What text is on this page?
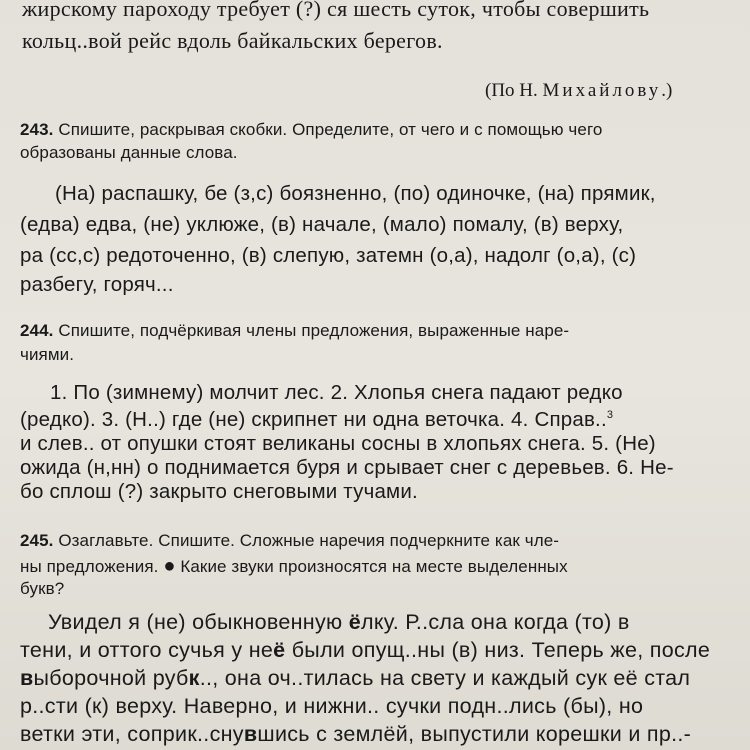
жирскому пароходу требует (?) ся шесть суток, чтобы совершить
кольц..вой рейс вдоль байкальских берегов.
(По Н. Михайлову.)
243. Спишите, раскрывая скобки. Определите, от чего и с помощью чего
образованы данные слова.
(На) распашку, бе (з,с) боязненно, (по) одиночке, (на) прямик,
(едва) едва, (не) уклюже, (в) начале, (мало) помалу, (в) верху,
ра (сс,с) редоточенно, (в) слепую, затемн (о,а), надолг (о,а), (с)
разбегу, горяч...
244. Спишите, подчёркивая члены предложения, выраженные наре-
чиями.
1. По (зимнему) молчит лес. 2. Хлопья снега падают редко
(редко). 3. (Н..) где (не) скрипнет ни одна веточка. 4. Справ..$^3$
и слев.. от опушки стоят великаны сосны в хлопьях снега. 5. (Не)
ожида (н,нн) о поднимается буря и срывает снег с деревьев. 6. Не-
бо сплош (?) закрыто снеговыми тучами.
245. Озаглавьте. Спишите. Сложные наречия подчеркните как чле-
ны предложения. ● Какие звуки произносятся на месте выделенных
букв?
Увидел я (не) обыкновенную ёлку. Р..сла она когда (то) в
тени, и оттого сучья у неё были опущ..ны (в) низ. Теперь же, после
выборочной рубк.., она оч..тилась на свету и каждый сук её стал
р..сти (к) верху. Наверно, и нижни.. сучки подн..лись (бы), но
ветки эти, соприк..снувшись с землёй, выпустили корешки и пр..-
